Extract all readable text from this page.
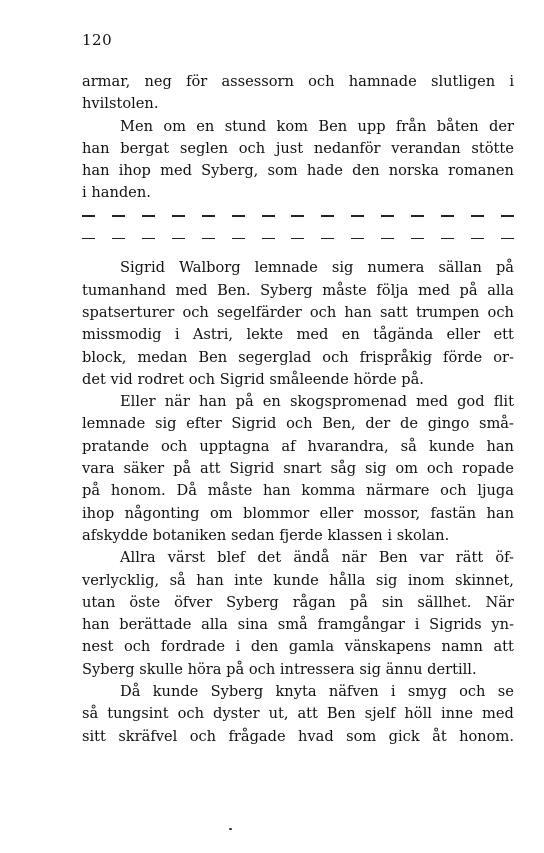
120
armar, neg för assessorn och hamnade slutligen i
hvilstolen.
Men om en stund kom Ben upp från båten der
han bergat seglen och just nedanför verandan stötte
han ihop med Syberg, som hade den norska romanen
i handen.
Sigrid Walborg lemnade sig numera sällan på
tumanhand med Ben. Syberg måste följa med på alla
spatserturer och segelfärder och han satt trumpen och
missmodig i Astri, lekte med en tågända eller ett
block, medan Ben segerglad och frispråkig förde or-
det vid rodret och Sigrid småleende hörde på.
Eller när han på en skogspromenad med god flit
lemnade sig efter Sigrid och Ben, der de gingo små-
pratande och upptagna af hvarandra, så kunde han
vara säker på att Sigrid snart såg sig om och ropade
på honom. Då måste han komma närmare och ljuga
ihop någonting om blommor eller mossor, fastän han
afskydde botaniken sedan fjerde klassen i skolan.
Allra värst blef det ändå när Ben var rätt öf-
verlycklig, så han inte kunde hålla sig inom skinnet,
utan öste öfver Syberg rågan på sin sällhet. När
han berättade alla sina små framgångar i Sigrids yn-
nest och fordrade i den gamla vänskapens namn att
Syberg skulle höra på och intressera sig ännu dertill.
Då kunde Syberg knyta näfven i smyg och se
så tungsint och dyster ut, att Ben sjelf höll inne med
sitt skräfvel och frågade hvad som gick åt honom.
